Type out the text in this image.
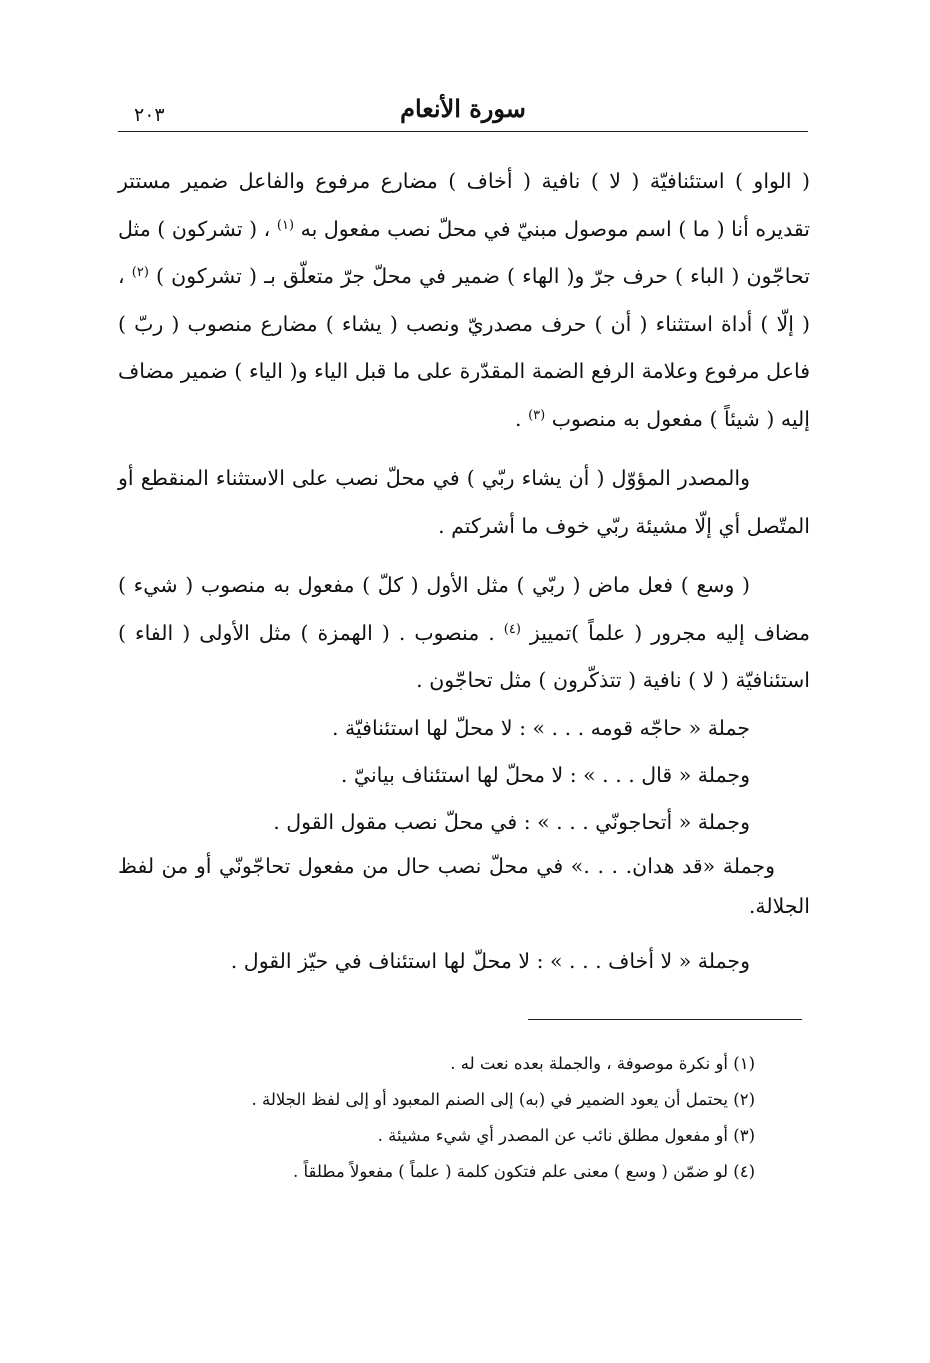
سورة الأنعام
٢٠٣

( الواو ) استئنافيّة ( لا ) نافية ( أخاف ) مضارع مرفوع والفاعل ضمير مستتر تقديره أنا ( ما ) اسم موصول مبنيّ في محلّ نصب مفعول به $^{(١)}$ ، ( تشركون ) مثل تحاجّون ( الباء ) حرف جرّ و( الهاء ) ضمير في محلّ جرّ متعلّق بـ ( تشركون ) $^{(٢)}$ ، ( إلّا ) أداة استثناء ( أن ) حرف مصدريّ ونصب ( يشاء ) مضارع منصوب ( ربّ ) فاعل مرفوع وعلامة الرفع الضمة المقدّرة على ما قبل الياء و( الياء ) ضمير مضاف إليه ( شيئاً ) مفعول به منصوب $^{(٣)}$ .

والمصدر المؤوّل ( أن يشاء ربّي ) في محلّ نصب على الاستثناء المنقطع أو المتّصل أي إلّا مشيئة ربّي خوف ما أشركتم .

( وسع ) فعل ماض ( ربّي ) مثل الأول ( كلّ ) مفعول به منصوب ( شيء ) مضاف إليه مجرور ( علماً )تمييز $^{(٤)}$ . منصوب . ( الهمزة ) مثل الأولى ( الفاء ) استئنافيّة ( لا ) نافية ( تتذكّرون ) مثل تحاجّون .

جملة « حاجّه قومه . . . » : لا محلّ لها استئنافيّة .

وجملة « قال . . . » : لا محلّ لها استئناف بيانيّ .

وجملة « أتحاجونّي . . . » : في محلّ نصب مقول القول .

وجملة «قد هدان. . . .» في محلّ نصب حال من مفعول تحاجّونّي أو من لفظ الجلالة.

وجملة « لا أخاف . . . » : لا محلّ لها استئناف في حيّز القول .

(١) أو نكرة موصوفة ، والجملة بعده نعت له .

(٢) يحتمل أن يعود الضمير في (به) إلى الصنم المعبود أو إلى لفظ الجلالة .

(٣) أو مفعول مطلق نائب عن المصدر أي شيء مشيئة .

(٤) لو ضمّن ( وسع ) معنى علم فتكون كلمة ( علماً ) مفعولاً مطلقاً .
